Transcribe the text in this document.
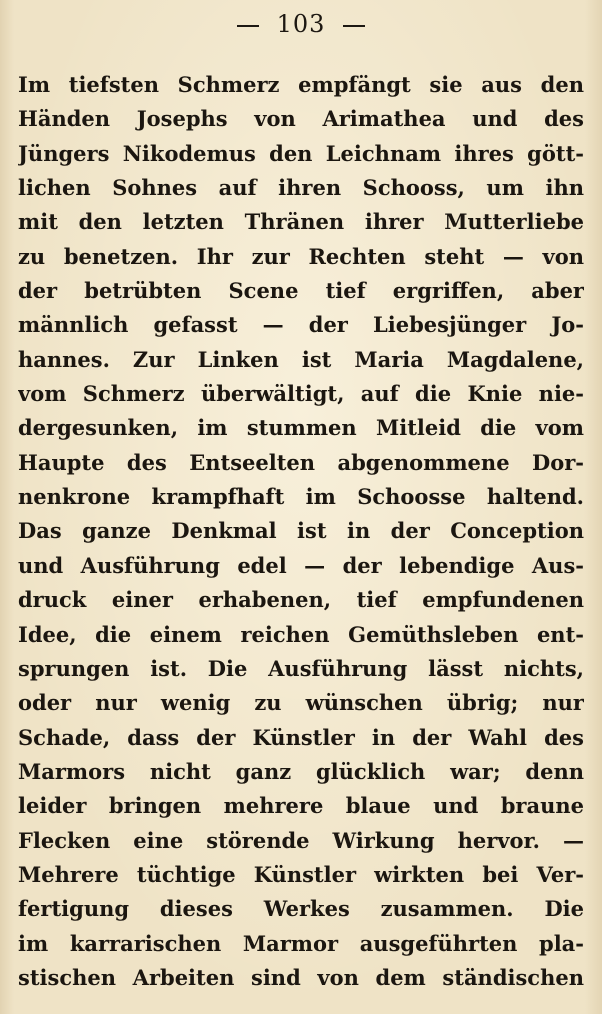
103
Im tiefsten Schmerz empfängt sie aus den
Händen Josephs von Arimathea und des
Jüngers Nikodemus den Leichnam ihres gött-
lichen Sohnes auf ihren Schooss, um ihn
mit den letzten Thränen ihrer Mutterliebe
zu benetzen. Ihr zur Rechten steht — von
der betrübten Scene tief ergriffen, aber
männlich gefasst — der Liebesjünger Jo-
hannes. Zur Linken ist Maria Magdalene,
vom Schmerz überwältigt, auf die Knie nie-
dergesunken, im stummen Mitleid die vom
Haupte des Entseelten abgenommene Dor-
nenkrone krampfhaft im Schoosse haltend.
Das ganze Denkmal ist in der Conception
und Ausführung edel — der lebendige Aus-
druck einer erhabenen, tief empfundenen
Idee, die einem reichen Gemüthsleben ent-
sprungen ist. Die Ausführung lässt nichts,
oder nur wenig zu wünschen übrig; nur
Schade, dass der Künstler in der Wahl des
Marmors nicht ganz glücklich war; denn
leider bringen mehrere blaue und braune
Flecken eine störende Wirkung hervor. —
Mehrere tüchtige Künstler wirkten bei Ver-
fertigung dieses Werkes zusammen. Die
im karrarischen Marmor ausgeführten pla-
stischen Arbeiten sind von dem ständischen
